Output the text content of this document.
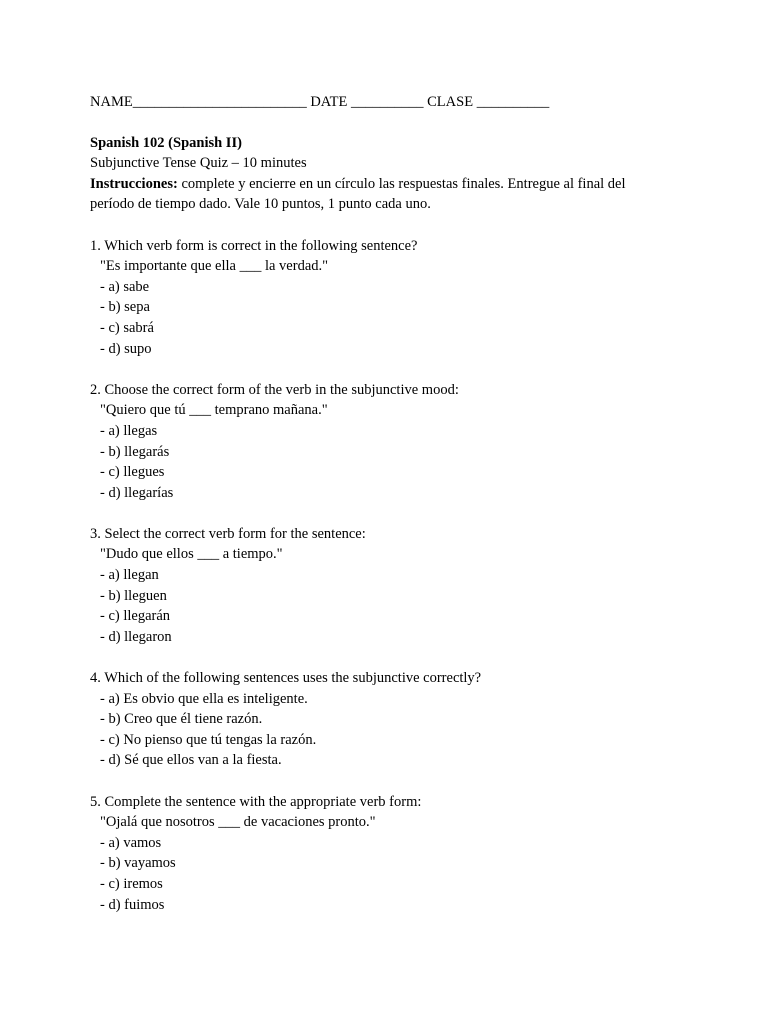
NAME________________________ DATE __________ CLASE __________
Spanish 102 (Spanish II)
Subjunctive Tense Quiz – 10 minutes
Instrucciones: complete y encierre en un círculo las respuestas finales. Entregue al final del
período de tiempo dado. Vale 10 puntos, 1 punto cada uno.
1. Which verb form is correct in the following sentence?
"Es importante que ella ___ la verdad."
- a) sabe
- b) sepa
- c) sabrá
- d) supo
2. Choose the correct form of the verb in the subjunctive mood:
"Quiero que tú ___ temprano mañana."
- a) llegas
- b) llegarás
- c) llegues
- d) llegarías
3. Select the correct verb form for the sentence:
"Dudo que ellos ___ a tiempo."
- a) llegan
- b) lleguen
- c) llegarán
- d) llegaron
4. Which of the following sentences uses the subjunctive correctly?
- a) Es obvio que ella es inteligente.
- b) Creo que él tiene razón.
- c) No pienso que tú tengas la razón.
- d) Sé que ellos van a la fiesta.
5. Complete the sentence with the appropriate verb form:
"Ojalá que nosotros ___ de vacaciones pronto."
- a) vamos
- b) vayamos
- c) iremos
- d) fuimos
